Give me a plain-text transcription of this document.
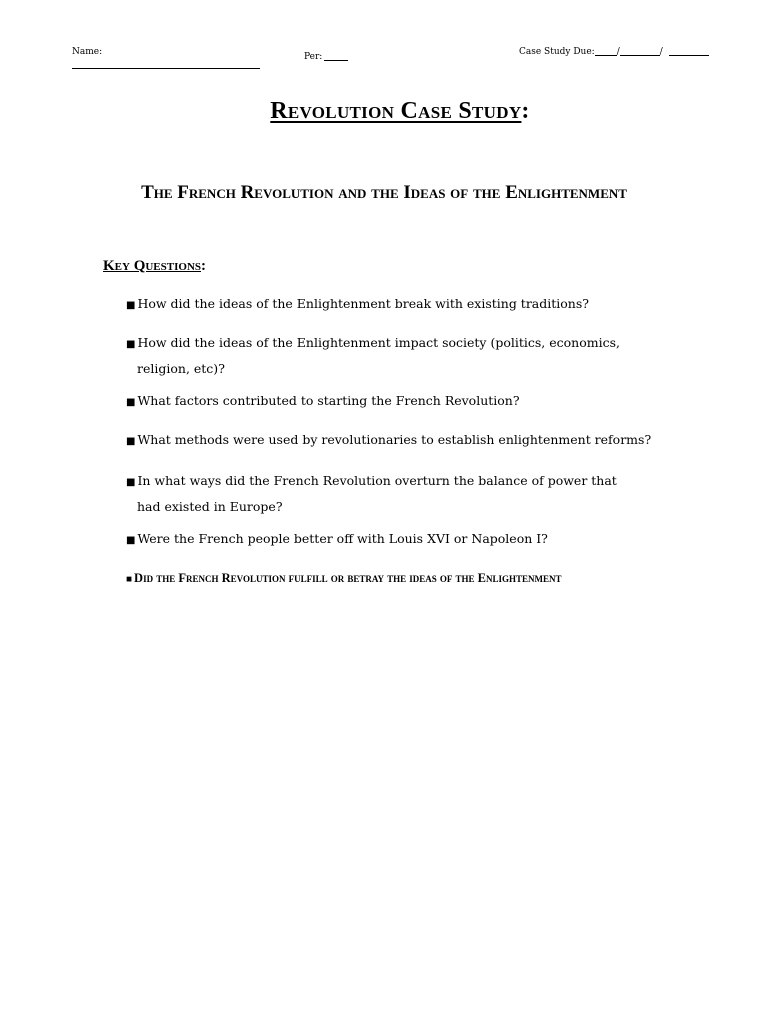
Name:	Per:	Case Study Due: /	/
Revolution Case Study:
The French Revolution and the Ideas of the Enlightenment
Key Questions:
■ How did the ideas of the Enlightenment break with existing traditions?
■ How did the ideas of the Enlightenment impact society (politics, economics,
religion, etc)?
■ What factors contributed to starting the French Revolution?
■ What methods were used by revolutionaries to establish enlightenment reforms?
■ In what ways did the French Revolution overturn the balance of power that
had existed in Europe?
■ Were the French people better off with Louis XVI or Napoleon I?
■ Did the French Revolution fulfill or betray the ideas of the Enlightenment
